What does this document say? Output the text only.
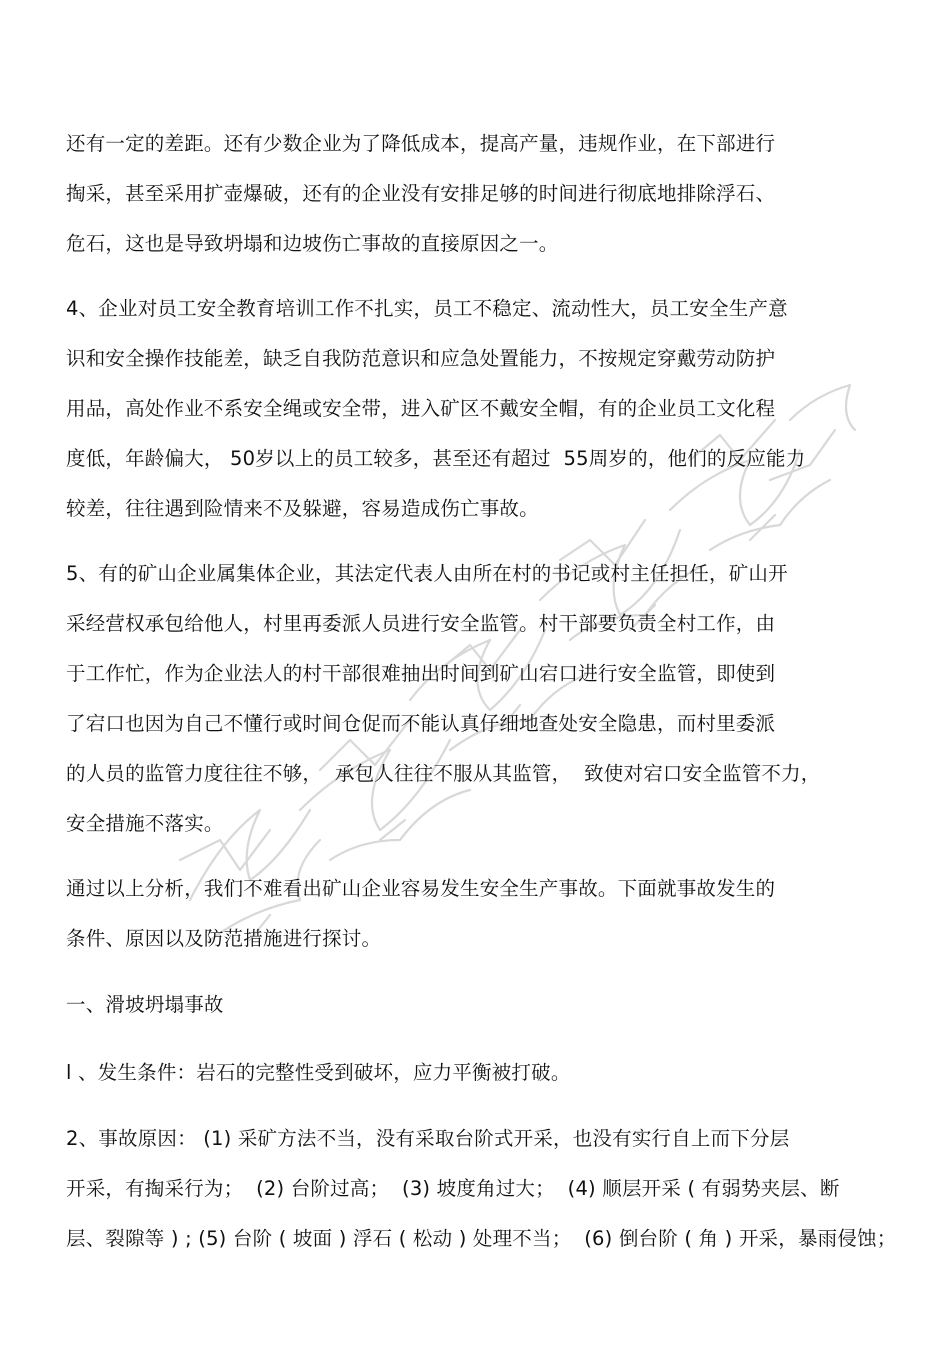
还有一定的差距。还有少数企业为了降低成本，提高产量，违规作业，在下部进行
掏采，甚至采用扩壶爆破，还有的企业没有安排足够的时间进行彻底地排除浮石、
危石，这也是导致坍塌和边坡伤亡事故的直接原因之一。
4、企业对员工安全教育培训工作不扎实，员工不稳定、流动性大，员工安全生产意
识和安全操作技能差，缺乏自我防范意识和应急处置能力，不按规定穿戴劳动防护
用品，高处作业不系安全绳或安全带，进入矿区不戴安全帽，有的企业员工文化程
度低，年龄偏大， 50岁以上的员工较多，甚至还有超过  55周岁的，他们的反应能力
较差，往往遇到险情来不及躲避，容易造成伤亡事故。
5、有的矿山企业属集体企业，其法定代表人由所在村的书记或村主任担任，矿山开
采经营权承包给他人，村里再委派人员进行安全监管。村干部要负责全村工作，由
于工作忙，作为企业法人的村干部很难抽出时间到矿山宕口进行安全监管，即使到
了宕口也因为自己不懂行或时间仓促而不能认真仔细地查处安全隐患，而村里委派
的人员的监管力度往往不够，  承包人往往不服从其监管，  致使对宕口安全监管不力，
安全措施不落实。
通过以上分析，我们不难看出矿山企业容易发生安全生产事故。下面就事故发生的
条件、原因以及防范措施进行探讨。
一、滑坡坍塌事故
l 、发生条件：岩石的完整性受到破坏，应力平衡被打破。
2、事故原因： (1) 采矿方法不当，没有采取台阶式开采，也没有实行自上而下分层
开采，有掏采行为；  (2) 台阶过高；  (3) 坡度角过大；  (4) 顺层开采 ( 有弱势夹层、断
层、裂隙等 ) ; (5) 台阶 ( 坡面 ) 浮石 ( 松动 ) 处理不当；  (6) 倒台阶 ( 角 ) 开采，暴雨侵蚀；
